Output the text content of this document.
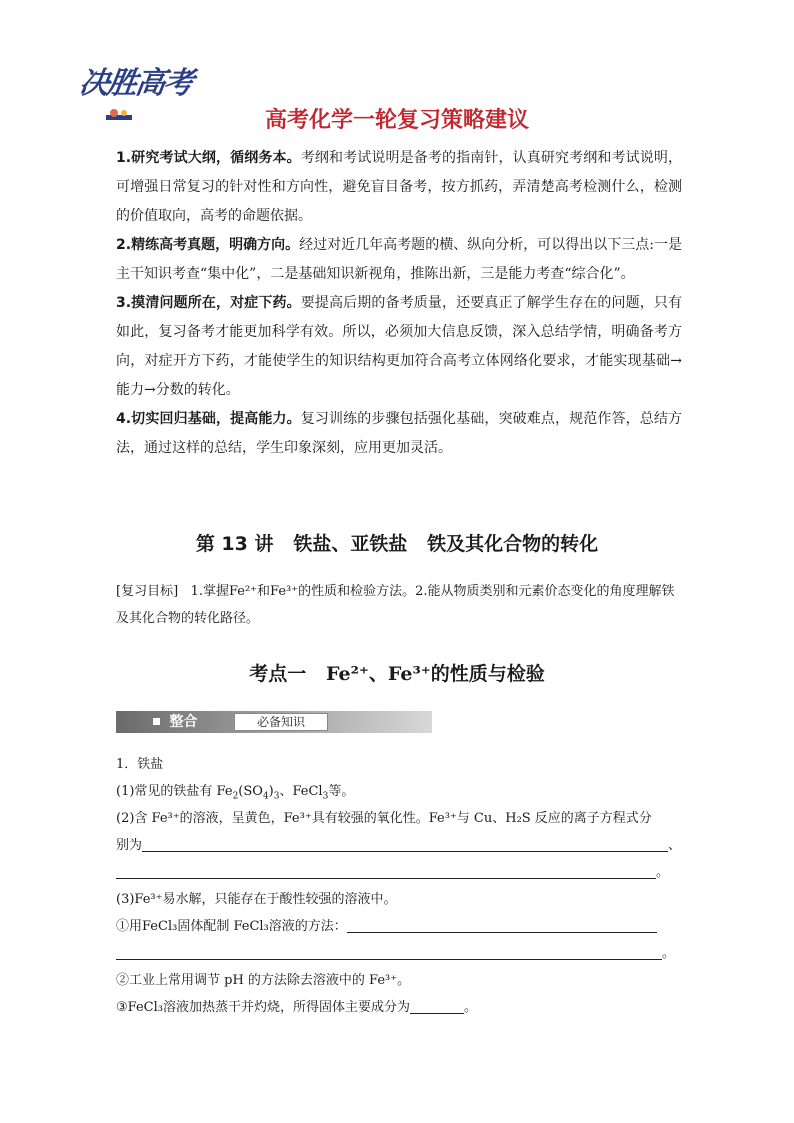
决胜高考
高考化学一轮复习策略建议

1.研究考试大纲，循纲务本。考纲和考试说明是备考的指南针，认真研究考纲和考试说明，可增强日常复习的针对性和方向性，避免盲目备考，按方抓药，弄清楚高考检测什么，检测的价值取向，高考的命题依据。

2.精练高考真题，明确方向。经过对近几年高考题的横、纵向分析，可以得出以下三点:一是主干知识考查“集中化”，二是基础知识新视角，推陈出新，三是能力考查“综合化”。

3.摸清问题所在，对症下药。要提高后期的备考质量，还要真正了解学生存在的问题，只有如此，复习备考才能更加科学有效。所以，必须加大信息反馈，深入总结学情，明确备考方向，对症开方下药，才能使学生的知识结构更加符合高考立体网络化要求，才能实现基础→能力→分数的转化。

4.切实回归基础，提高能力。复习训练的步骤包括强化基础，突破难点，规范作答，总结方法，通过这样的总结，学生印象深刻，应用更加灵活。

第 13 讲   铁盐、亚铁盐   铁及其化合物的转化

[复习目标] 1.掌握Fe²⁺和Fe³⁺的性质和检验方法。2.能从物质类别和元素价态变化的角度理解铁及其化合物的转化路径。

考点一   Fe²⁺、Fe³⁺的性质与检验
整合	必备知识

1．铁盐

(1)常见的铁盐有 $Fe_2(SO_4)_3$、FeCl$_3$等。

(2)含 Fe³⁺的溶液，呈黄色，Fe³⁺具有较强的氧化性。Fe³⁺与 Cu、H₂S 反应的离子方程式分

别为	、

。

(3)Fe³⁺易水解，只能存在于酸性较强的溶液中。

①用FeCl₃固体配制 FeCl₃溶液的方法：

。

②工业上常用调节 pH 的方法除去溶液中的 Fe³⁺。

③FeCl₃溶液加热蒸干并灼烧，所得固体主要成分为	。
